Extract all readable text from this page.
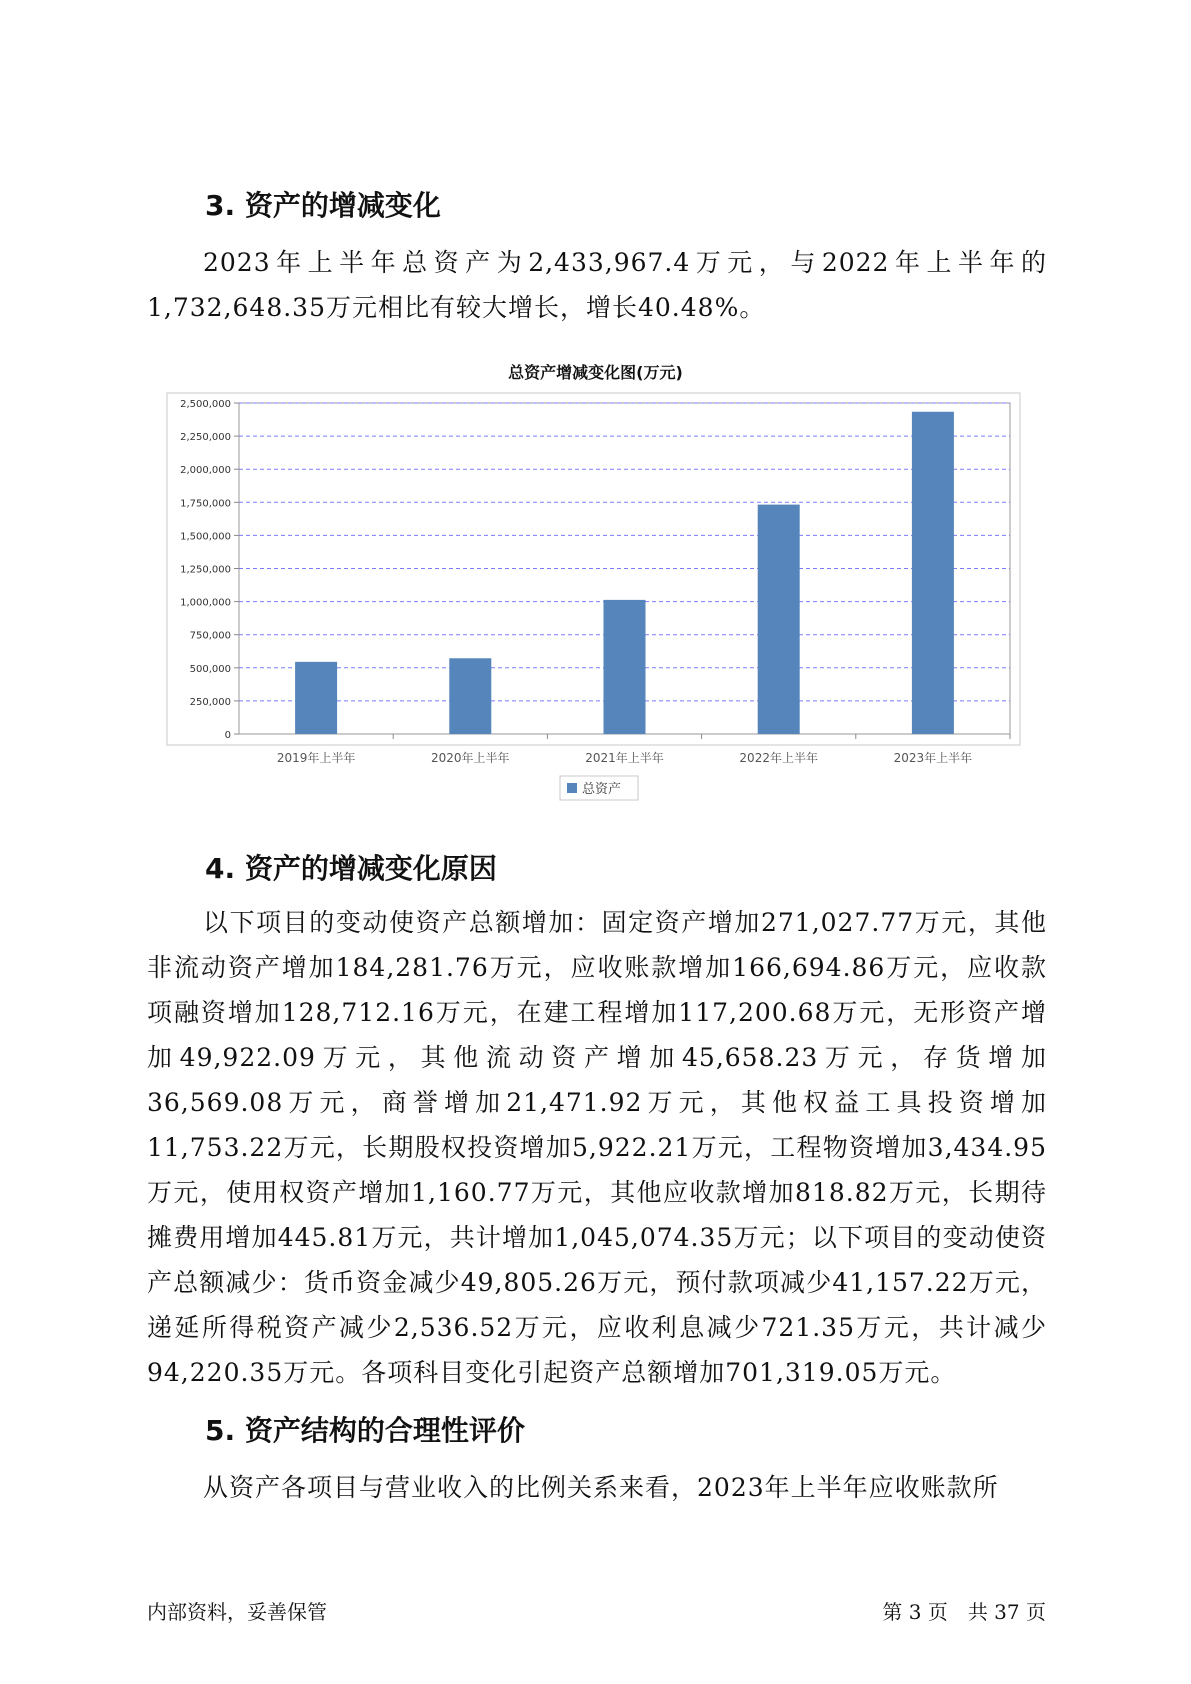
3. 资产的增减变化
2023年上半年总资产为2,433,967.4万元，与2022年上半年的1,732,648.35万元相比有较大增长，增长40.48%。
总资产增减变化图(万元)
0
250,000
500,000
750,000
1,000,000
1,250,000
1,500,000
1,750,000
2,000,000
2,250,000
2,500,000
2019年上半年	2020年上半年	2021年上半年	2022年上半年	2023年上半年
总资产
4. 资产的增减变化原因
以下项目的变动使资产总额增加：固定资产增加271,027.77万元，其他非流动资产增加184,281.76万元，应收账款增加166,694.86万元，应收款项融资增加128,712.16万元，在建工程增加117,200.68万元，无形资产增加49,922.09万元，其他流动资产增加45,658.23万元，存货增加36,569.08万元，商誉增加21,471.92万元，其他权益工具投资增加11,753.22万元，长期股权投资增加5,922.21万元，工程物资增加3,434.95万元，使用权资产增加1,160.77万元，其他应收款增加818.82万元，长期待摊费用增加445.81万元，共计增加1,045,074.35万元；以下项目的变动使资产总额减少：货币资金减少49,805.26万元，预付款项减少41,157.22万元，递延所得税资产减少2,536.52万元，应收利息减少721.35万元，共计减少94,220.35万元。各项科目变化引起资产总额增加701,319.05万元。
5. 资产结构的合理性评价
从资产各项目与营业收入的比例关系来看，2023年上半年应收账款所
内部资料，妥善保管	第 3 页　共 37 页
